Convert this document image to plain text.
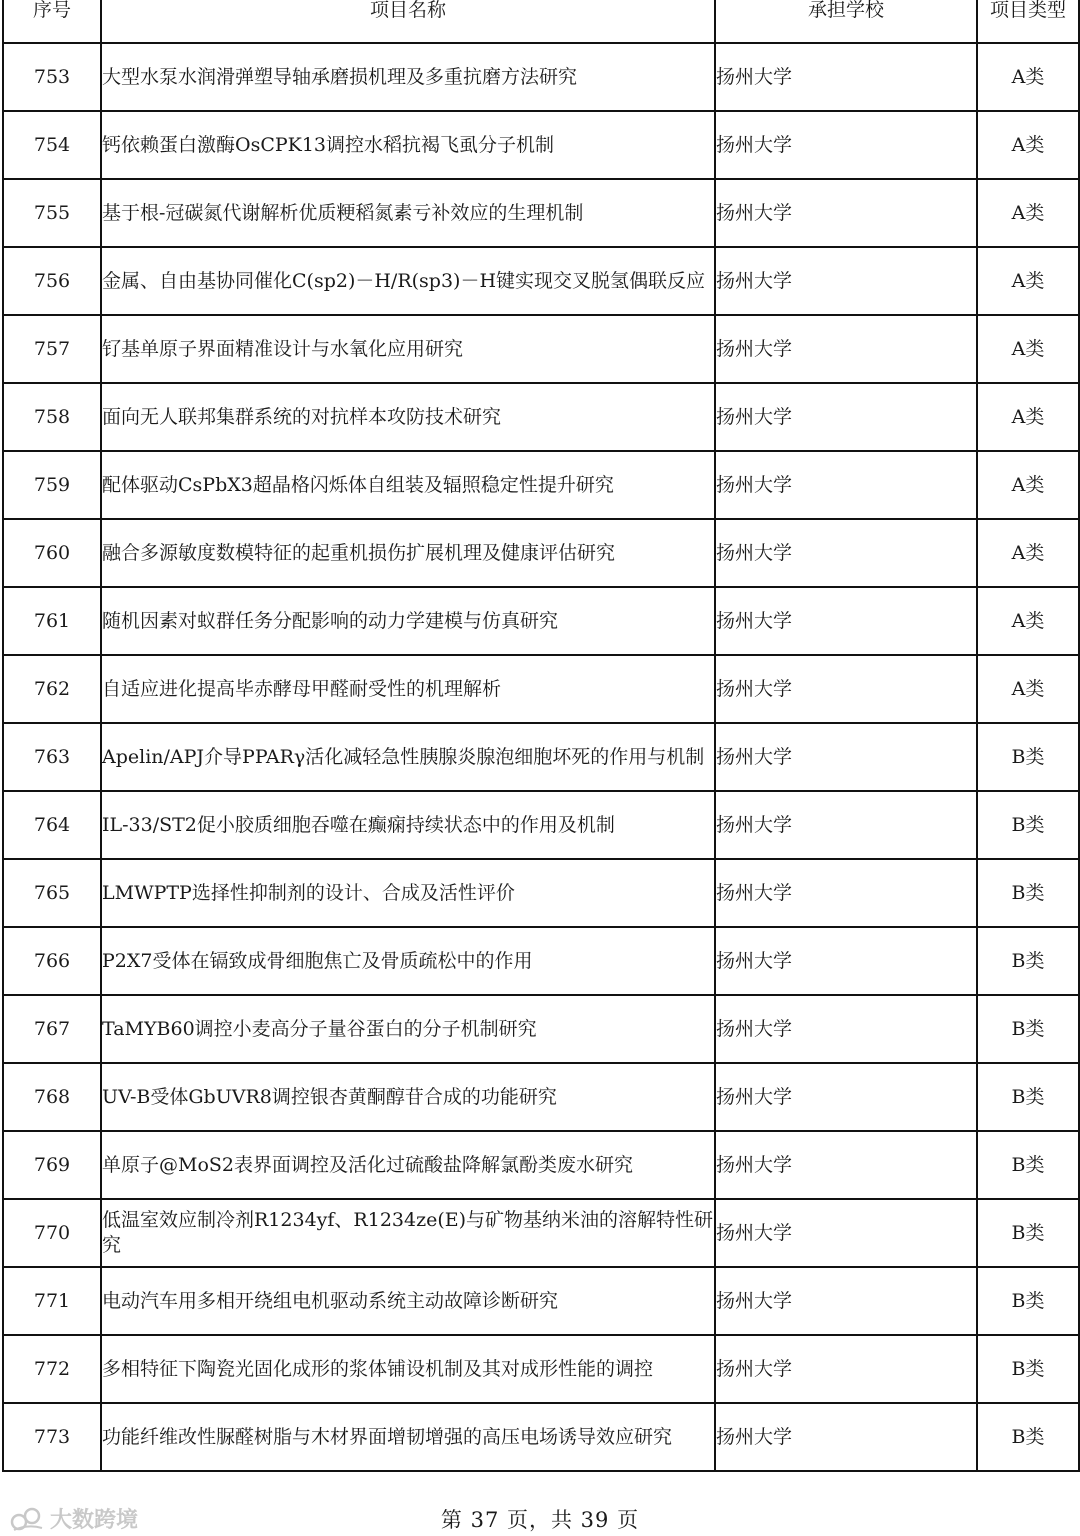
序号	项目名称	承担学校	项目类型
753	大型水泵水润滑弹塑导轴承磨损机理及多重抗磨方法研究	扬州大学	A类
754	钙依赖蛋白激酶OsCPK13调控水稻抗褐飞虱分子机制	扬州大学	A类
755	基于根-冠碳氮代谢解析优质粳稻氮素亏补效应的生理机制	扬州大学	A类
756	金属、自由基协同催化C(sp2)－H/R(sp3)－H键实现交叉脱氢偶联反应	扬州大学	A类
757	钌基单原子界面精准设计与水氧化应用研究	扬州大学	A类
758	面向无人联邦集群系统的对抗样本攻防技术研究	扬州大学	A类
759	配体驱动CsPbX3超晶格闪烁体自组装及辐照稳定性提升研究	扬州大学	A类
760	融合多源敏度数模特征的起重机损伤扩展机理及健康评估研究	扬州大学	A类
761	随机因素对蚁群任务分配影响的动力学建模与仿真研究	扬州大学	A类
762	自适应进化提高毕赤酵母甲醛耐受性的机理解析	扬州大学	A类
763	Apelin/APJ介导PPARγ活化减轻急性胰腺炎腺泡细胞坏死的作用与机制	扬州大学	B类
764	IL-33/ST2促小胶质细胞吞噬在癫痫持续状态中的作用及机制	扬州大学	B类
765	LMWPTP选择性抑制剂的设计、合成及活性评价	扬州大学	B类
766	P2X7受体在镉致成骨细胞焦亡及骨质疏松中的作用	扬州大学	B类
767	TaMYB60调控小麦高分子量谷蛋白的分子机制研究	扬州大学	B类
768	UV-B受体GbUVR8调控银杏黄酮醇苷合成的功能研究	扬州大学	B类
769	单原子@MoS2表界面调控及活化过硫酸盐降解氯酚类废水研究	扬州大学	B类
770	低温室效应制冷剂R1234yf、R1234ze(E)与矿物基纳米油的溶解特性研究	扬州大学	B类
771	电动汽车用多相开绕组电机驱动系统主动故障诊断研究	扬州大学	B类
772	多相特征下陶瓷光固化成形的浆体铺设机制及其对成形性能的调控	扬州大学	B类
773	功能纤维改性脲醛树脂与木材界面增韧增强的高压电场诱导效应研究	扬州大学	B类
第 37 页，共 39 页
大数跨境
